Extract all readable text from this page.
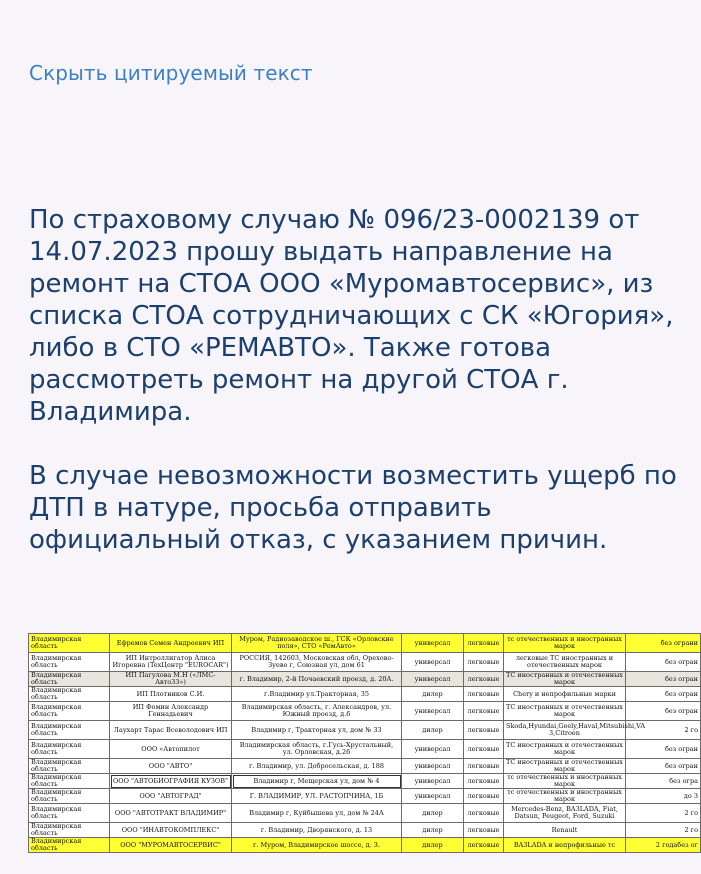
Скрыть цитируемый текст

По страховому случаю № 096/23-0002139 от 14.07.2023 прошу выдать направление на ремонт на СТОА ООО «Муромавтосервис», из списка СТОА сотрудничающих с СК «Югория», либо в СТО «РЕМАВТО». Также готова рассмотреть ремонт на другой СТОА г. Владимира.

В случае невозможности возместить ущерб по ДТП в натуре, просьба отправить официальный отказ, с указанием причин.

Владимирская область	Ефремов Семен Андреевич ИП	Муром, Радиозаводское ш., ГСК «Орловские поля», СТО «РемАвто»	универсал	легковые	тс отечественных и иностранных марок	без ограни
Владимирская область	ИП Интроллигатор Алиса Игоревна (TexЦентр "EUROCAR")	РОССИЯ, 142603, Московская обл, Орехово-Зуево г, Союзная ул, дом 61	универсал	легковые	легковые ТС иностранных и отечественных марок	без огран
Владимирская область	ИП Пагулова М.Н («ЛМС-Авто33»)	г. Владимир, 2-й Почаевский проезд, д. 20А.	универсал	легковые	ТС иностранных и отечественных марок	без огран
Владимирская область	ИП Плотников С.И.	г.Владимир ул.Тракторная, 35	дилер	легковые	Chery и непрофильные марки	без огран
Владимирская область	ИП Фомин Александр Геннадьевич	Владимирская область, г. Александров, ул. Южный проезд, д.6	универсал	легковые	ТС иностранных и отечественных марок	без огран
Владимирская область	Лаухарт Тарас Всеволодович ИП	Владимир г, Тракторная ул, дом № 33	дилер	легковые	Skoda,Hyundai,Geely,Haval,Mitsubishi,VA 3,Citroen	2 го
Владимирская область	ООО «Автопилот	Владимирская область, г.Гусь-Хрустальный, ул. Орловская, д.26	универсал	легковые	ТС иностранных и отечественных марок	без огран
Владимирская область	ООО "АВТО"	г. Владимир, ул. Добросельская, д. 188	универсал	легковые	ТС иностранных и отечественных марок	без огран
Владимирская область	ООО "АВТОБИОГРАФИЯ КУЗОВ"	Владимир г, Мещерская ул, дом № 4	универсал	легковые	тс отечественных и иностранных марок	без огра
Владимирская область	ООО "АВТОГРАД"	Г. ВЛАДИМИР, УЛ. РАСТОПЧИНА, 1Б	универсал	легковые	тс отечественных и иностранных марок	до 3
Владимирская область	ООО "АВТОТРАКТ ВЛАДИМИР"	Владимир г, Куйбышева ул, дом № 24А	дилер	легковые	Mercedes-Benz, BA3LADA, Fiat, Datsun, Peugeot, Ford, Suzuki	2 го
Владимирская область	ООО "ИНАВТОКОМПЛЕКС"	г. Владимир, Дворянского, д. 13	дилер	легковые	Renault	2 го
Владимирская область	ООО "МУРОМАВТОСЕРВИС"	г. Муром, Владимирское шоссе, д. 3.	дилер	легковые	BA3LADA и непрофильные тс	2 годабез ог
